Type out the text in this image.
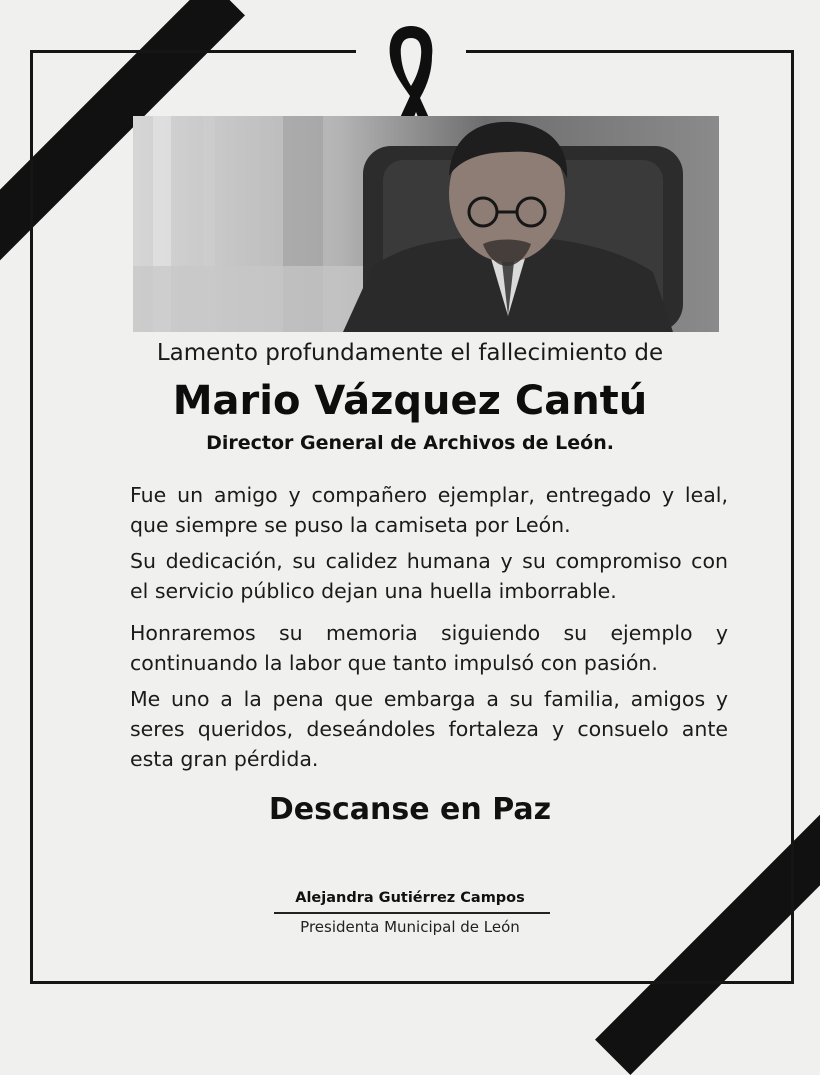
Lamento profundamente el fallecimiento de
Mario Vázquez Cantú
Director General de Archivos de León.

Fue un amigo y compañero ejemplar, entregado y leal, que siempre se puso la camiseta por León.

Su dedicación, su calidez humana y su compromiso con el servicio público dejan una huella imborrable.

Honraremos su memoria siguiendo su ejemplo y continuando la labor que tanto impulsó con pasión.

Me uno a la pena que embarga a su familia, amigos y seres queridos, deseándoles fortaleza y consuelo ante esta gran pérdida.

Descanse en Paz
Alejandra Gutiérrez Campos
Presidenta Municipal de León
